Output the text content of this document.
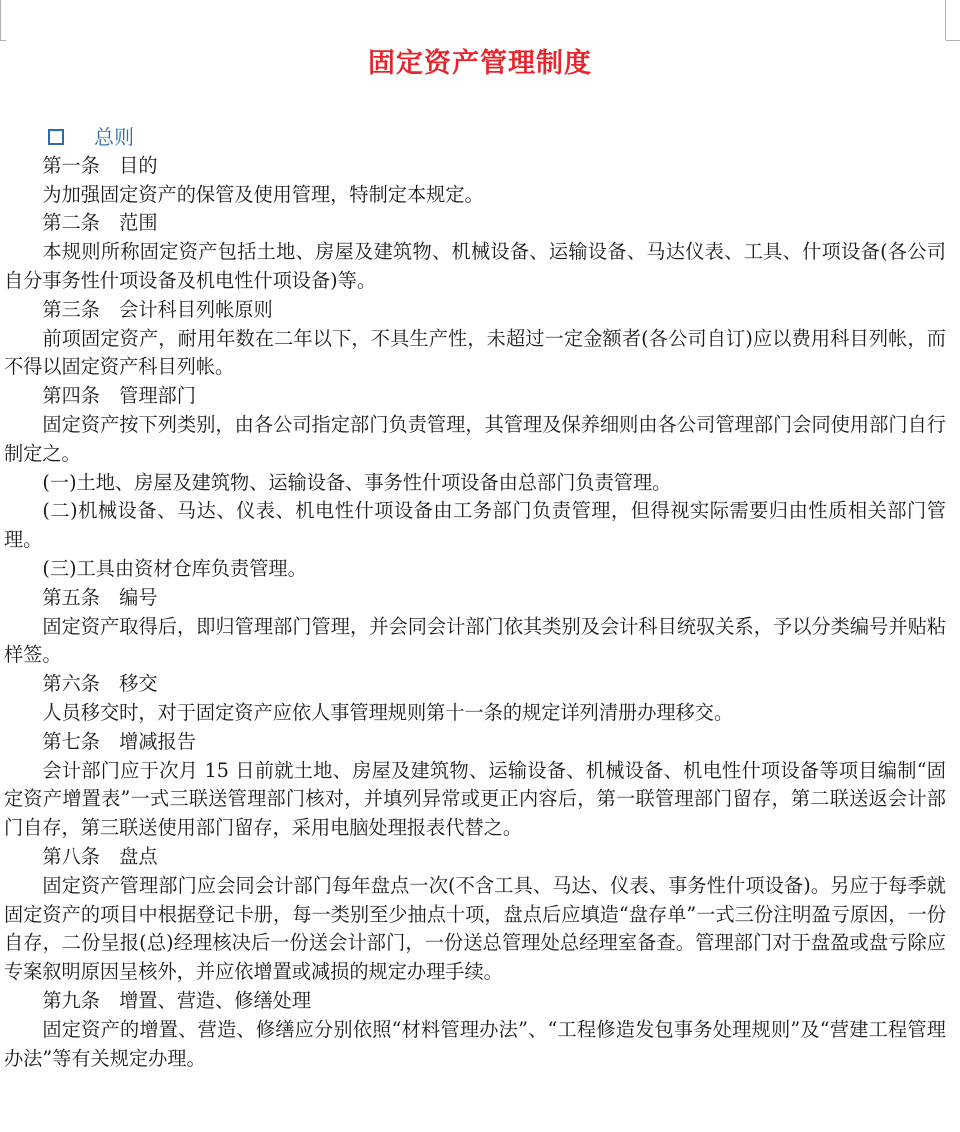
固定资产管理制度
总则

第一条　目的

为加强固定资产的保管及使用管理，特制定本规定。

第二条　范围

本规则所称固定资产包括土地、房屋及建筑物、机械设备、运输设备、马达仪表、工具、什项设备(各公司自分事务性什项设备及机电性什项设备)等。

第三条　会计科目列帐原则

前项固定资产，耐用年数在二年以下，不具生产性，未超过一定金额者(各公司自订)应以费用科目列帐，而不得以固定资产科目列帐。

第四条　管理部门

固定资产按下列类别，由各公司指定部门负责管理，其管理及保养细则由各公司管理部门会同使用部门自行制定之。

(一)土地、房屋及建筑物、运输设备、事务性什项设备由总部门负责管理。

(二)机械设备、马达、仪表、机电性什项设备由工务部门负责管理，但得视实际需要归由性质相关部门管理。

(三)工具由资材仓库负责管理。

第五条　编号

固定资产取得后，即归管理部门管理，并会同会计部门依其类别及会计科目统驭关系，予以分类编号并贴粘样签。

第六条　移交

人员移交时，对于固定资产应依人事管理规则第十一条的规定详列清册办理移交。

第七条　增减报告

会计部门应于次月 15 日前就土地、房屋及建筑物、运输设备、机械设备、机电性什项设备等项目编制“固定资产增置表”一式三联送管理部门核对，并填列异常或更正内容后，第一联管理部门留存，第二联送返会计部门自存，第三联送使用部门留存，采用电脑处理报表代替之。

第八条　盘点

固定资产管理部门应会同会计部门每年盘点一次(不含工具、马达、仪表、事务性什项设备)。另应于每季就固定资产的项目中根据登记卡册，每一类别至少抽点十项，盘点后应填造“盘存单”一式三份注明盈亏原因，一份自存，二份呈报(总)经理核决后一份送会计部门，一份送总管理处总经理室备查。管理部门对于盘盈或盘亏除应专案叙明原因呈核外，并应依增置或减损的规定办理手续。

第九条　增置、营造、修缮处理

固定资产的增置、营造、修缮应分别依照“材料管理办法”、“工程修造发包事务处理规则”及“营建工程管理办法”等有关规定办理。
